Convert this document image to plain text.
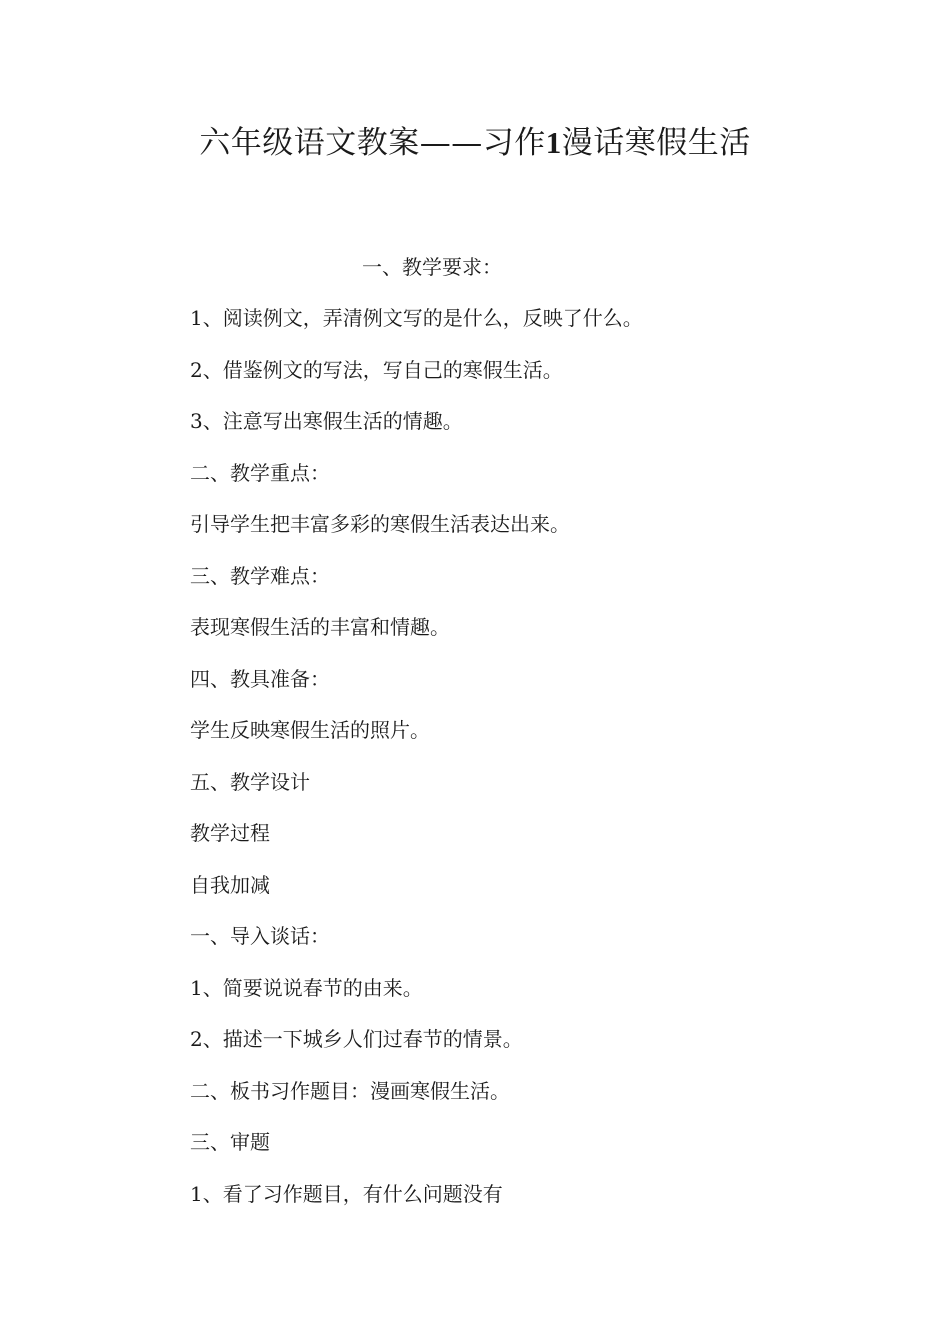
六年级语文教案——习作1漫话寒假生活

一、教学要求：

1、阅读例文，弄清例文写的是什么，反映了什么。
2、借鉴例文的写法，写自己的寒假生活。
3、注意写出寒假生活的情趣。
二、教学重点：
引导学生把丰富多彩的寒假生活表达出来。
三、教学难点：
表现寒假生活的丰富和情趣。
四、教具准备：
学生反映寒假生活的照片。
五、教学设计
教学过程
自我加减
一、导入谈话：
1、简要说说春节的由来。
2、描述一下城乡人们过春节的情景。
二、板书习作题目：漫画寒假生活。
三、审题
1、看了习作题目，有什么问题没有
